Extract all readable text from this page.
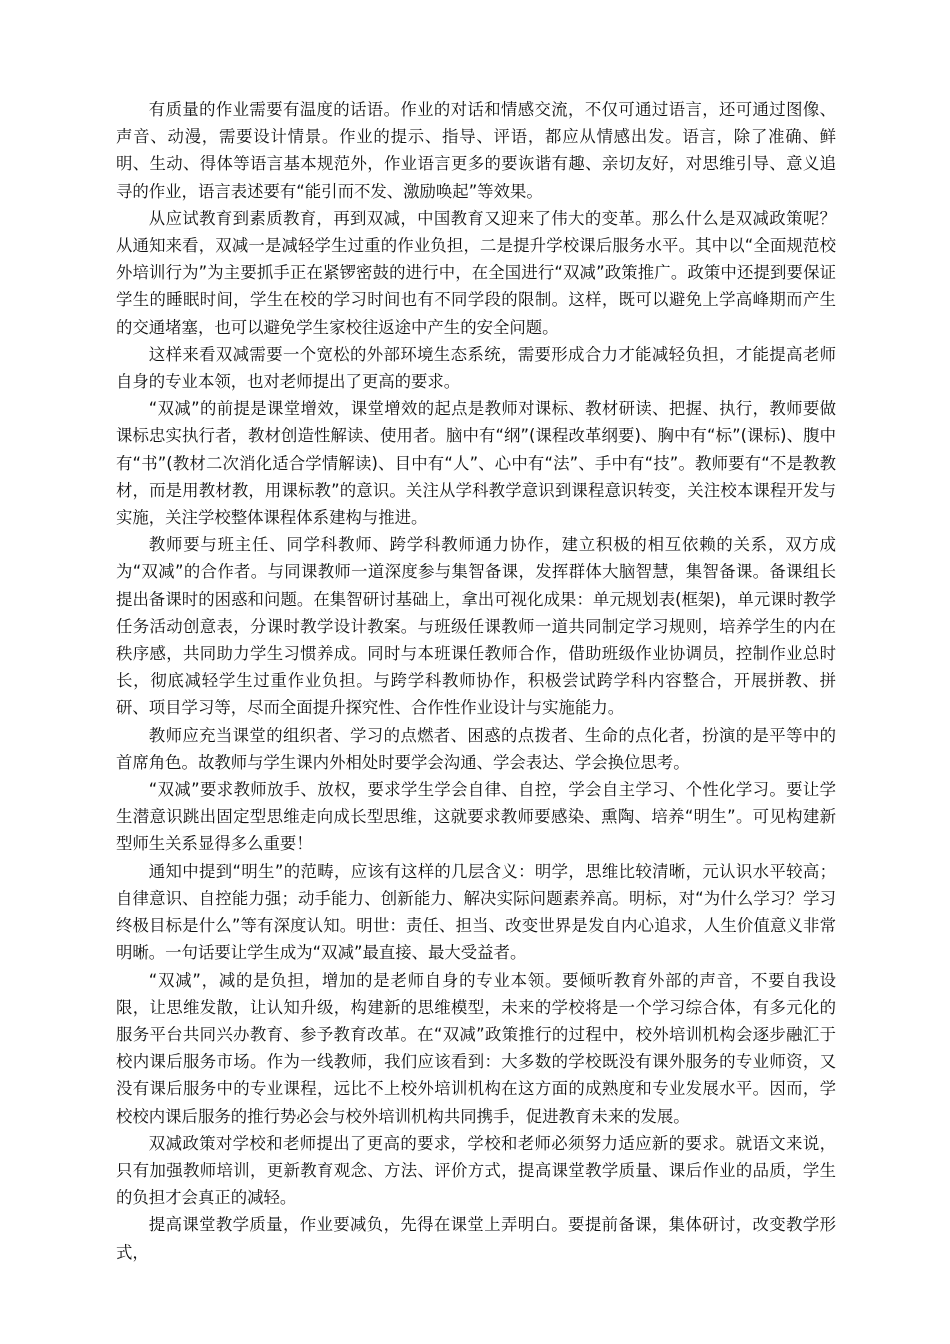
有质量的作业需要有温度的话语。作业的对话和情感交流，不仅可通过语言，还可通过图像、声音、动漫，需要设计情景。作业的提示、指导、评语，都应从情感出发。语言，除了准确、鲜明、生动、得体等语言基本规范外，作业语言更多的要诙谐有趣、亲切友好，对思维引导、意义追寻的作业，语言表述要有“能引而不发、激励唤起”等效果。

从应试教育到素质教育，再到双减，中国教育又迎来了伟大的变革。那么什么是双减政策呢？从通知来看，双减一是减轻学生过重的作业负担，二是提升学校课后服务水平。其中以“全面规范校外培训行为”为主要抓手正在紧锣密鼓的进行中，在全国进行“双减”政策推广。政策中还提到要保证学生的睡眠时间，学生在校的学习时间也有不同学段的限制。这样，既可以避免上学高峰期而产生的交通堵塞，也可以避免学生家校往返途中产生的安全问题。

这样来看双减需要一个宽松的外部环境生态系统，需要形成合力才能减轻负担，才能提高老师自身的专业本领，也对老师提出了更高的要求。

“双减”的前提是课堂增效，课堂增效的起点是教师对课标、教材研读、把握、执行，教师要做课标忠实执行者，教材创造性解读、使用者。脑中有“纲”(课程改革纲要)、胸中有“标”(课标)、腹中有“书”(教材二次消化适合学情解读)、目中有“人”、心中有“法”、手中有“技”。教师要有“不是教教材，而是用教材教，用课标教”的意识。关注从学科教学意识到课程意识转变，关注校本课程开发与实施，关注学校整体课程体系建构与推进。

教师要与班主任、同学科教师、跨学科教师通力协作，建立积极的相互依赖的关系，双方成为“双减”的合作者。与同课教师一道深度参与集智备课，发挥群体大脑智慧，集智备课。备课组长提出备课时的困惑和问题。在集智研讨基础上，拿出可视化成果：单元规划表(框架)，单元课时教学任务活动创意表，分课时教学设计教案。与班级任课教师一道共同制定学习规则，培养学生的内在秩序感，共同助力学生习惯养成。同时与本班课任教师合作，借助班级作业协调员，控制作业总时长，彻底减轻学生过重作业负担。与跨学科教师协作，积极尝试跨学科内容整合，开展拼教、拼研、项目学习等，尽而全面提升探究性、合作性作业设计与实施能力。

教师应充当课堂的组织者、学习的点燃者、困惑的点拨者、生命的点化者，扮演的是平等中的首席角色。故教师与学生课内外相处时要学会沟通、学会表达、学会换位思考。

“双减”要求教师放手、放权，要求学生学会自律、自控，学会自主学习、个性化学习。要让学生潜意识跳出固定型思维走向成长型思维，这就要求教师要感染、熏陶、培养“明生”。可见构建新型师生关系显得多么重要！

通知中提到“明生”的范畴，应该有这样的几层含义：明学，思维比较清晰，元认识水平较高；自律意识、自控能力强；动手能力、创新能力、解决实际问题素养高。明标，对“为什么学习？学习终极目标是什么”等有深度认知。明世：责任、担当、改变世界是发自内心追求，人生价值意义非常明晰。一句话要让学生成为“双减”最直接、最大受益者。

“双减”，减的是负担，增加的是老师自身的专业本领。要倾听教育外部的声音，不要自我设限，让思维发散，让认知升级，构建新的思维模型，未来的学校将是一个学习综合体，有多元化的服务平台共同兴办教育、参予教育改革。在“双减”政策推行的过程中，校外培训机构会逐步融汇于校内课后服务市场。作为一线教师，我们应该看到：大多数的学校既没有课外服务的专业师资，又没有课后服务中的专业课程，远比不上校外培训机构在这方面的成熟度和专业发展水平。因而，学校校内课后服务的推行势必会与校外培训机构共同携手，促进教育未来的发展。

双减政策对学校和老师提出了更高的要求，学校和老师必须努力适应新的要求。就语文来说，只有加强教师培训，更新教育观念、方法、评价方式，提高课堂教学质量、课后作业的品质，学生的负担才会真正的减轻。

提高课堂教学质量，作业要减负，先得在课堂上弄明白。要提前备课，集体研讨，改变教学形式，
